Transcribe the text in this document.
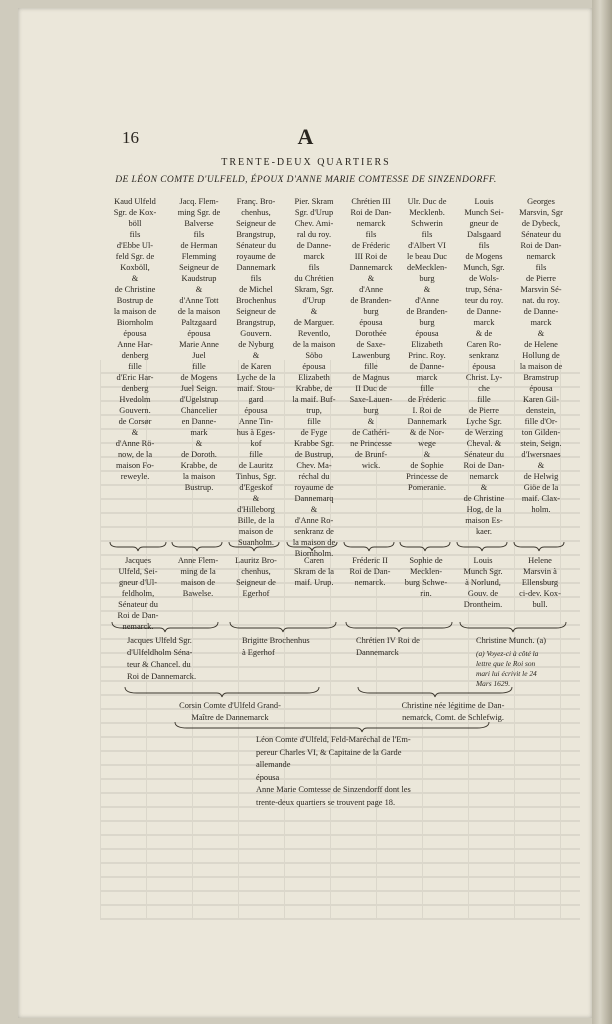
16	A
TRENTE-DEUX QUARTIERS
DE LÉON COMTE D'ULFELD, ÉPOUX D'ANNE MARIE COMTESSE DE SINZENDORFF.
Kaud Ulfeld
Sgr. de Kox-
böll
fils
d'Ebbe Ul-
feld Sgr. de
Koxböll,
&
de Christine
Bostrup de
la maison de
Biornholm
épousa
Anne Har-
denberg
fille
d'Eric Har-
denberg
Hvedolm
Gouvern.
de Corsør
&
d'Anne Rö-
now, de la
maison Fo-
reweyle.
Jacq. Flem-
ming Sgr. de
Balverse
fils
de Herman
Flemming
Seigneur de
Kaudstrup
&
d'Anne Tott
de la maison
Paltzgaard
épousa
Marie Anne
Juel
fille
de Mogens
Juel Seign.
d'Ugelstrup
Chancelier
en Danne-
mark
&
de Doroth.
Krabbe, de
la maison
Bustrup.
Franç. Bro-
chenhus,
Seigneur de
Brangstrup,
Sénateur du
royaume de
Dannemark
fils
de Michel
Brochenhus
Seigneur de
Brangstrup,
Gouvern.
de Nyburg
&
de Karen
Lyche de la
maif. Stou-
gard
épousa
Anne Tin-
hus à Eges-
kof
fille
de Lauritz
Tinhus, Sgr.
d'Egeskof
&
d'Hilleborg
Bille, de la
maison de
Suanholm.
Pier. Skram
Sgr. d'Urup
Chev. Ami-
ral du roy.
de Danne-
marck
fils
du Chrétien
Skram, Sgr.
d'Urup
&
de Marguer.
Reventlo,
de la maison
Söbo
épousa
Elizabeth
Krabbe, de
la maif. Buf-
trup,
fille
de Fyge
Krabbe Sgr.
de Bustrup,
Chev. Ma-
réchal du
royaume de
Dannemarq
&
d'Anne Ro-
senkranz de
la maison de
Biornholm.
Chrétien III
Roi de Dan-
nemarck
fils
de Fréderic
III Roi de
Dannemarck
&
d'Anne
de Branden-
burg
épousa
Dorothée
de Saxe-
Lawenburg
fille
de Magnus
II Duc de
Saxe-Lauen-
burg
&
de Cathéri-
ne Princesse
de Brunf-
wick.
Ulr. Duc de
Mecklenb.
Schwerin
fils
d'Albert VI
le beau Duc
deMecklen-
burg
&
d'Anne
de Branden-
burg
épousa
Elizabeth
Princ. Roy.
de Danne-
marck
fille
de Fréderic
I. Roi de
Dannemark
& de Nor-
wege
&
de Sophie
Princesse de
Pomeranie.
Louis
Munch Sei-
gneur de
Dalsgaard
fils
de Mogens
Munch, Sgr.
de Wols-
trup, Séna-
teur du roy.
de Danne-
marck
& de
Caren Ro-
senkranz
épousa
Christ. Ly-
che
fille
de Pierre
Lyche Sgr.
de Werzing
Cheval. &
Sénateur du
Roi de Dan-
nemarck
&
de Christine
Hog, de la
maison Es-
kaer.
Georges
Marsvin, Sgr
de Dybeck,
Sénateur du
Roi de Dan-
nemarck
fils
de Pierre
Marsvin Sé-
nat. du roy.
de Danne-
marck
&
de Helene
Hollung de
la maison de
Bramstrup
épousa
Karen Gil-
denstein,
fille d'Or-
ton Gilden-
stein, Seign.
d'Iwersnaes
&
de Helwig
Giöe de la
maif. Clax-
holm.
Jacques
Ulfeld, Sei-
gneur d'Ul-
feldholm,
Sénateur du
Roi de Dan-
nemarck.
Anne Flem-
ming de la
maison de
Bawelse.
Lauritz Bro-
chenhus,
Seigneur de
Egerhof
Caren
Skram de la
maif. Urup.
Fréderic II
Roi de Dan-
nemarck.
Sophie de
Mecklen-
burg Schwe-
rin.
Louis
Munch Sgr.
à Norlund,
Gouv. de
Drontheim.
Helene
Marsvin à
Ellensburg
ci-dev. Kox-
bull.
Jacques Ulfeld Sgr.
d'Ulfeldholm Séna-
teur & Chancel. du
Roi de Dannemarck.
Brigitte Brochenhus
à Egerhof
Chrétien IV Roi de
Dannemarck
Christine Munch. (a)
(a) Voyez-ci à côté la
lettre que le Roi son
mari lui écrivit le 24
Mars 1629.
Corsin Comte d'Ulfeld Grand-
Maître de Dannemarck
Christine née légitime de Dan-
nemarck, Comt. de Schlefwig.
Léon Comte d'Ulfeld, Feld-Maréchal de l'Em-
pereur Charles VI, & Capitaine de la Garde
allemande
épousa
Anne Marie Comtesse de Sinzendorff dont les
trente-deux quartiers se trouvent page 18.
